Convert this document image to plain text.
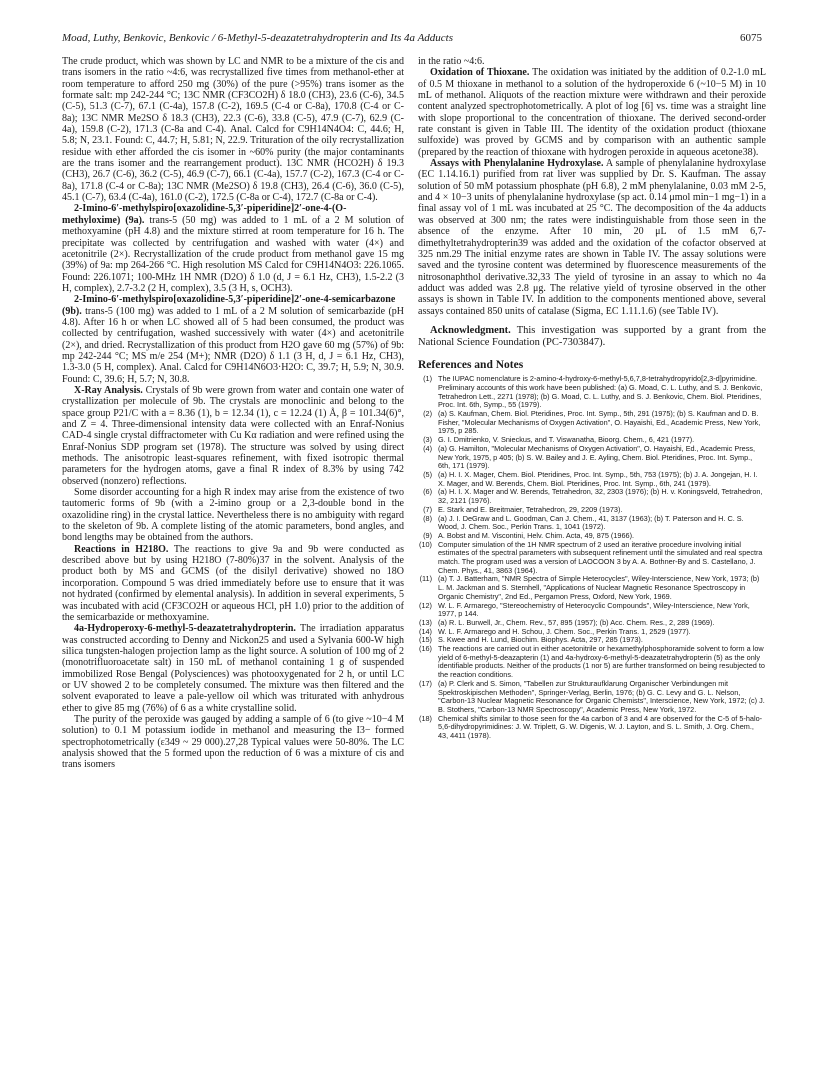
Moad, Luthy, Benkovic, Benkovic / 6-Methyl-5-deazatetrahydropterin and Its 4a Adducts	6075

The crude product, which was shown by LC and NMR to be a mixture of the cis and trans isomers in the ratio ~4:6, was recrystallized five times from methanol-ether at room temperature to afford 250 mg (30%) of the pure (>95%) trans isomer as the formate salt: mp 242-244 °C; 13C NMR (CF3CO2H) δ 18.0 (CH3), 23.6 (C-6), 34.5 (C-5), 51.3 (C-7), 67.1 (C-4a), 157.8 (C-2), 169.5 (C-4 or C-8a), 170.8 (C-4 or C-8a); 13C NMR Me2SO δ 18.3 (CH3), 22.3 (C-6), 33.8 (C-5), 47.9 (C-7), 62.9 (C-4a), 159.8 (C-2), 171.3 (C-8a and C-4). Anal. Calcd for C9H14N4O4: C, 44.6; H, 5.8; N, 23.1. Found: C, 44.7; H, 5.81; N, 22.9. Trituration of the oily recrystallization residue with ether afforded the cis isomer in ~60% purity (the major contaminants are the trans isomer and the rearrangement product). 13C NMR (HCO2H) δ 19.3 (CH3), 26.7 (C-6), 36.2 (C-5), 46.9 (C-7), 66.1 (C-4a), 157.7 (C-2), 167.3 (C-4 or C-8a), 171.8 (C-4 or C-8a); 13C NMR (Me2SO) δ 19.8 (CH3), 26.4 (C-6), 36.0 (C-5), 45.1 (C-7), 63.4 (C-4a), 161.0 (C-2), 172.5 (C-8a or C-4), 172.7 (C-8a or C-4).

2-Imino-6′-methylspiro[oxazolidine-5,3′-piperidine]2′-one-4-(O-methyloxime) (9a). trans-5 (50 mg) was added to 1 mL of a 2 M solution of methoxyamine (pH 4.8) and the mixture stirred at room temperature for 16 h. The precipitate was collected by centrifugation and washed with water (4×) and acetonitrile (2×). Recrystallization of the crude product from methanol gave 15 mg (39%) of 9a: mp 264-266 °C. High resolution MS Calcd for C9H14N4O3: 226.1065. Found: 226.1071; 100-MHz 1H NMR (D2O) δ 1.0 (d, J = 6.1 Hz, CH3), 1.5-2.2 (3 H, complex), 2.7-3.2 (2 H, complex), 3.5 (3 H, s, OCH3).

2-Imino-6′-methylspiro[oxazolidine-5,3′-piperidine]2′-one-4-semicarbazone (9b). trans-5 (100 mg) was added to 1 mL of a 2 M solution of semicarbazide (pH 4.8). After 16 h or when LC showed all of 5 had been consumed, the product was collected by centrifugation, washed successively with water (4×) and acetonitrile (2×), and dried. Recrystallization of this product from H2O gave 60 mg (57%) of 9b: mp 242-244 °C; MS m/e 254 (M+); NMR (D2O) δ 1.1 (3 H, d, J = 6.1 Hz, CH3), 1.3-3.0 (5 H, complex). Anal. Calcd for C9H14N6O3·H2O: C, 39.7; H, 5.9; N, 30.9. Found: C, 39.6; H, 5.7; N, 30.8.

X-Ray Analysis. Crystals of 9b were grown from water and contain one water of crystallization per molecule of 9b. The crystals are monoclinic and belong to the space group P21/C with a = 8.36 (1), b = 12.34 (1), c = 12.24 (1) Å, β = 101.34(6)°, and Z = 4. Three-dimensional intensity data were collected with an Enraf-Nonius CAD-4 single crystal diffractometer with Cu Kα radiation and were refined using the Enraf-Nonius SDP program set (1978). The structure was solved by using direct methods. The anisotropic least-squares refinement, with fixed isotropic thermal parameters for the hydrogen atoms, gave a final R index of 8.3% by using 742 observed (nonzero) reflections.

Some disorder accounting for a high R index may arise from the existence of two tautomeric forms of 9b (with a 2-imino group or a 2,3-double bond in the oxazolidine ring) in the crystal lattice. Nevertheless there is no ambiguity with regard to the skeleton of 9b. A complete listing of the atomic parameters, bond angles, and bond lengths may be obtained from the authors.

Reactions in H218O. The reactions to give 9a and 9b were conducted as described above but by using H218O (7-80%)37 in the solvent. Analysis of the product both by MS and GCMS (of the disilyl derivative) showed no 18O incorporation. Compound 5 was dried immediately before use to ensure that it was not hydrated (confirmed by elemental analysis). In addition in several experiments, 5 was incubated with acid (CF3CO2H or aqueous HCl, pH 1.0) prior to the addition of the semicarbazide or methoxyamine.

4a-Hydroperoxy-6-methyl-5-deazatetrahydropterin. The irradiation apparatus was constructed according to Denny and Nickon25 and used a Sylvania 600-W high silica tungsten-halogen projection lamp as the light source. A solution of 100 mg of 2 (monotrifluoroacetate salt) in 150 mL of methanol containing 1 g of suspended immobilized Rose Bengal (Polysciences) was photooxygenated for 2 h, or until LC or UV showed 2 to be completely consumed. The mixture was then filtered and the solvent evaporated to leave a pale-yellow oil which was triturated with anhydrous ether to give 85 mg (76%) of 6 as a white crystalline solid.

The purity of the peroxide was gauged by adding a sample of 6 (to give ~10−4 M solution) to 0.1 M potassium iodide in methanol and measuring the I3− formed spectrophotometrically (ε349 ~ 29 000).27,28 Typical values were 50-80%. The LC analysis showed that the 5 formed upon the reduction of 6 was a mixture of cis and trans isomers

in the ratio ~4:6.

Oxidation of Thioxane. The oxidation was initiated by the addition of 0.2-1.0 mL of 0.5 M thioxane in methanol to a solution of the hydroperoxide 6 (~10−5 M) in 10 mL of methanol. Aliquots of the reaction mixture were withdrawn and their peroxide content analyzed spectrophotometrically. A plot of log [6] vs. time was a straight line with slope proportional to the concentration of thioxane. The derived second-order rate constant is given in Table III. The identity of the oxidation product (thioxane sulfoxide) was proved by GCMS and by comparison with an authentic sample (prepared by the reaction of thioxane with hydrogen peroxide in aqueous acetone38).

Assays with Phenylalanine Hydroxylase. A sample of phenylalanine hydroxylase (EC 1.14.16.1) purified from rat liver was supplied by Dr. S. Kaufman. The assay solution of 50 mM potassium phosphate (pH 6.8), 2 mM phenylalanine, 0.03 mM 2-5, and 4 × 10−3 units of phenylalanine hydroxylase (sp act. 0.14 μmol min−1 mg−1) in a final assay vol of 1 mL was incubated at 25 °C. The decomposition of the 4a adducts was observed at 300 nm; the rates were indistinguishable from those seen in the absence of the enzyme. After 10 min, 20 μL of 1.5 mM 6,7-dimethyltetrahydropterin39 was added and the oxidation of the cofactor observed at 325 nm.29 The initial enzyme rates are shown in Table IV. The assay solutions were saved and the tyrosine content was determined by fluorescence measurements of the nitrosonaphthol derivative.32,33 The yield of tyrosine in an assay to which no 4a adduct was added was 2.8 μg. The relative yield of tyrosine observed in the other assays is shown in Table IV. In addition to the components mentioned above, several assays contained 850 units of catalase (Sigma, EC 1.11.1.6) (see Table IV).

Acknowledgment. This investigation was supported by a grant from the National Science Foundation (PC-7303847).

References and Notes
(1) The IUPAC nomenclature is 2-amino-4-hydroxy-6-methyl-5,6,7,8-tetrahydropyrido[2,3-d]pyrimidine. Preliminary accounts of this work have been published: (a) G. Moad, C. L. Luthy, and S. J. Benkovic, Tetrahedron Lett., 2271 (1978); (b) G. Moad, C. L. Luthy, and S. J. Benkovic, Chem. Biol. Pteridines, Proc. Int. 6th, Symp., 55 (1979).
(2) (a) S. Kaufman, Chem. Biol. Pteridines, Proc. Int. Symp., 5th, 291 (1975); (b) S. Kaufman and D. B. Fisher, "Molecular Mechanisms of Oxygen Activation", O. Hayaishi, Ed., Academic Press, New York, 1975, p 285.
(3) G. I. Dmitrienko, V. Snieckus, and T. Viswanatha, Bioorg. Chem., 6, 421 (1977).
(4) (a) G. Hamilton, "Molecular Mechanisms of Oxygen Activation", O. Hayaishi, Ed., Academic Press, New York, 1975, p 405; (b) S. W. Bailey and J. E. Ayling, Chem. Biol. Pteridines, Proc. Int. Symp., 6th, 171 (1979).
(5) (a) H. I. X. Mager, Chem. Biol. Pteridines, Proc. Int. Symp., 5th, 753 (1975); (b) J. A. Jongejan, H. I. X. Mager, and W. Berends, Chem. Biol. Pteridines, Proc. Int. Symp., 6th, 241 (1979).
(6) (a) H. I. X. Mager and W. Berends, Tetrahedron, 32, 2303 (1976); (b) H. v. Koningsveld, Tetrahedron, 32, 2121 (1976).
(7) E. Stark and E. Breitmaier, Tetrahedron, 29, 2209 (1973).
(8) (a) J. I. DeGraw and L. Goodman, Can J. Chem., 41, 3137 (1963); (b) T. Paterson and H. C. S. Wood, J. Chem. Soc., Perkin Trans. 1, 1041 (1972).
(9) A. Bobst and M. Viscontini, Helv. Chim. Acta, 49, 875 (1966).
(10) Computer simulation of the 1H NMR spectrum of 2 used an iterative procedure involving initial estimates of the spectral parameters with subsequent refinement until the simulated and real spectra match. The program used was a version of LAOCOON 3 by A. A. Bothner-By and S. Castellano, J. Chem. Phys., 41, 3863 (1964).
(11) (a) T. J. Batterham, "NMR Spectra of Simple Heterocycles", Wiley-Interscience, New York, 1973; (b) L. M. Jackman and S. Sternhell, "Applications of Nuclear Magnetic Resonance Spectroscopy in Organic Chemistry", 2nd Ed., Pergamon Press, Oxford, New York, 1969.
(12) W. L. F. Armarego, "Stereochemistry of Heterocyclic Compounds", Wiley-Interscience, New York, 1977, p 144.
(13) (a) R. L. Burwell, Jr., Chem. Rev., 57, 895 (1957); (b) Acc. Chem. Res., 2, 289 (1969).
(14) W. L. F. Armarego and H. Schou, J. Chem. Soc., Perkin Trans. 1, 2529 (1977).
(15) S. Kwee and H. Lund, Biochim. Biophys. Acta, 297, 285 (1973).
(16) The reactions are carried out in either acetonitrile or hexamethylphosphoramide solvent to form a low yield of 6-methyl-5-deazapterin (1) and 4a-hydroxy-6-methyl-5-deazatetrahydropterin (5) as the only identifiable products. Neither of the products (1 nor 5) are further transformed on being resubjected to the reaction conditions.
(17) (a) P. Clerk and S. Simon, "Tabellen zur Strukturaufklarung Organischer Verbindungen mit Spektroskipischen Methoden", Springer-Verlag, Berlin, 1976; (b) G. C. Levy and G. L. Nelson, "Carbon-13 Nuclear Magnetic Resonance for Organic Chemists", Interscience, New York, 1972; (c) J. B. Stothers, "Carbon-13 NMR Spectroscopy", Academic Press, New York, 1972.
(18) Chemical shifts similar to those seen for the 4a carbon of 3 and 4 are observed for the C-5 of 5-halo-5,6-dihydropyrimidines: J. W. Triplett, G. W. Digenis, W. J. Layton, and S. L. Smith, J. Org. Chem., 43, 4411 (1978).
